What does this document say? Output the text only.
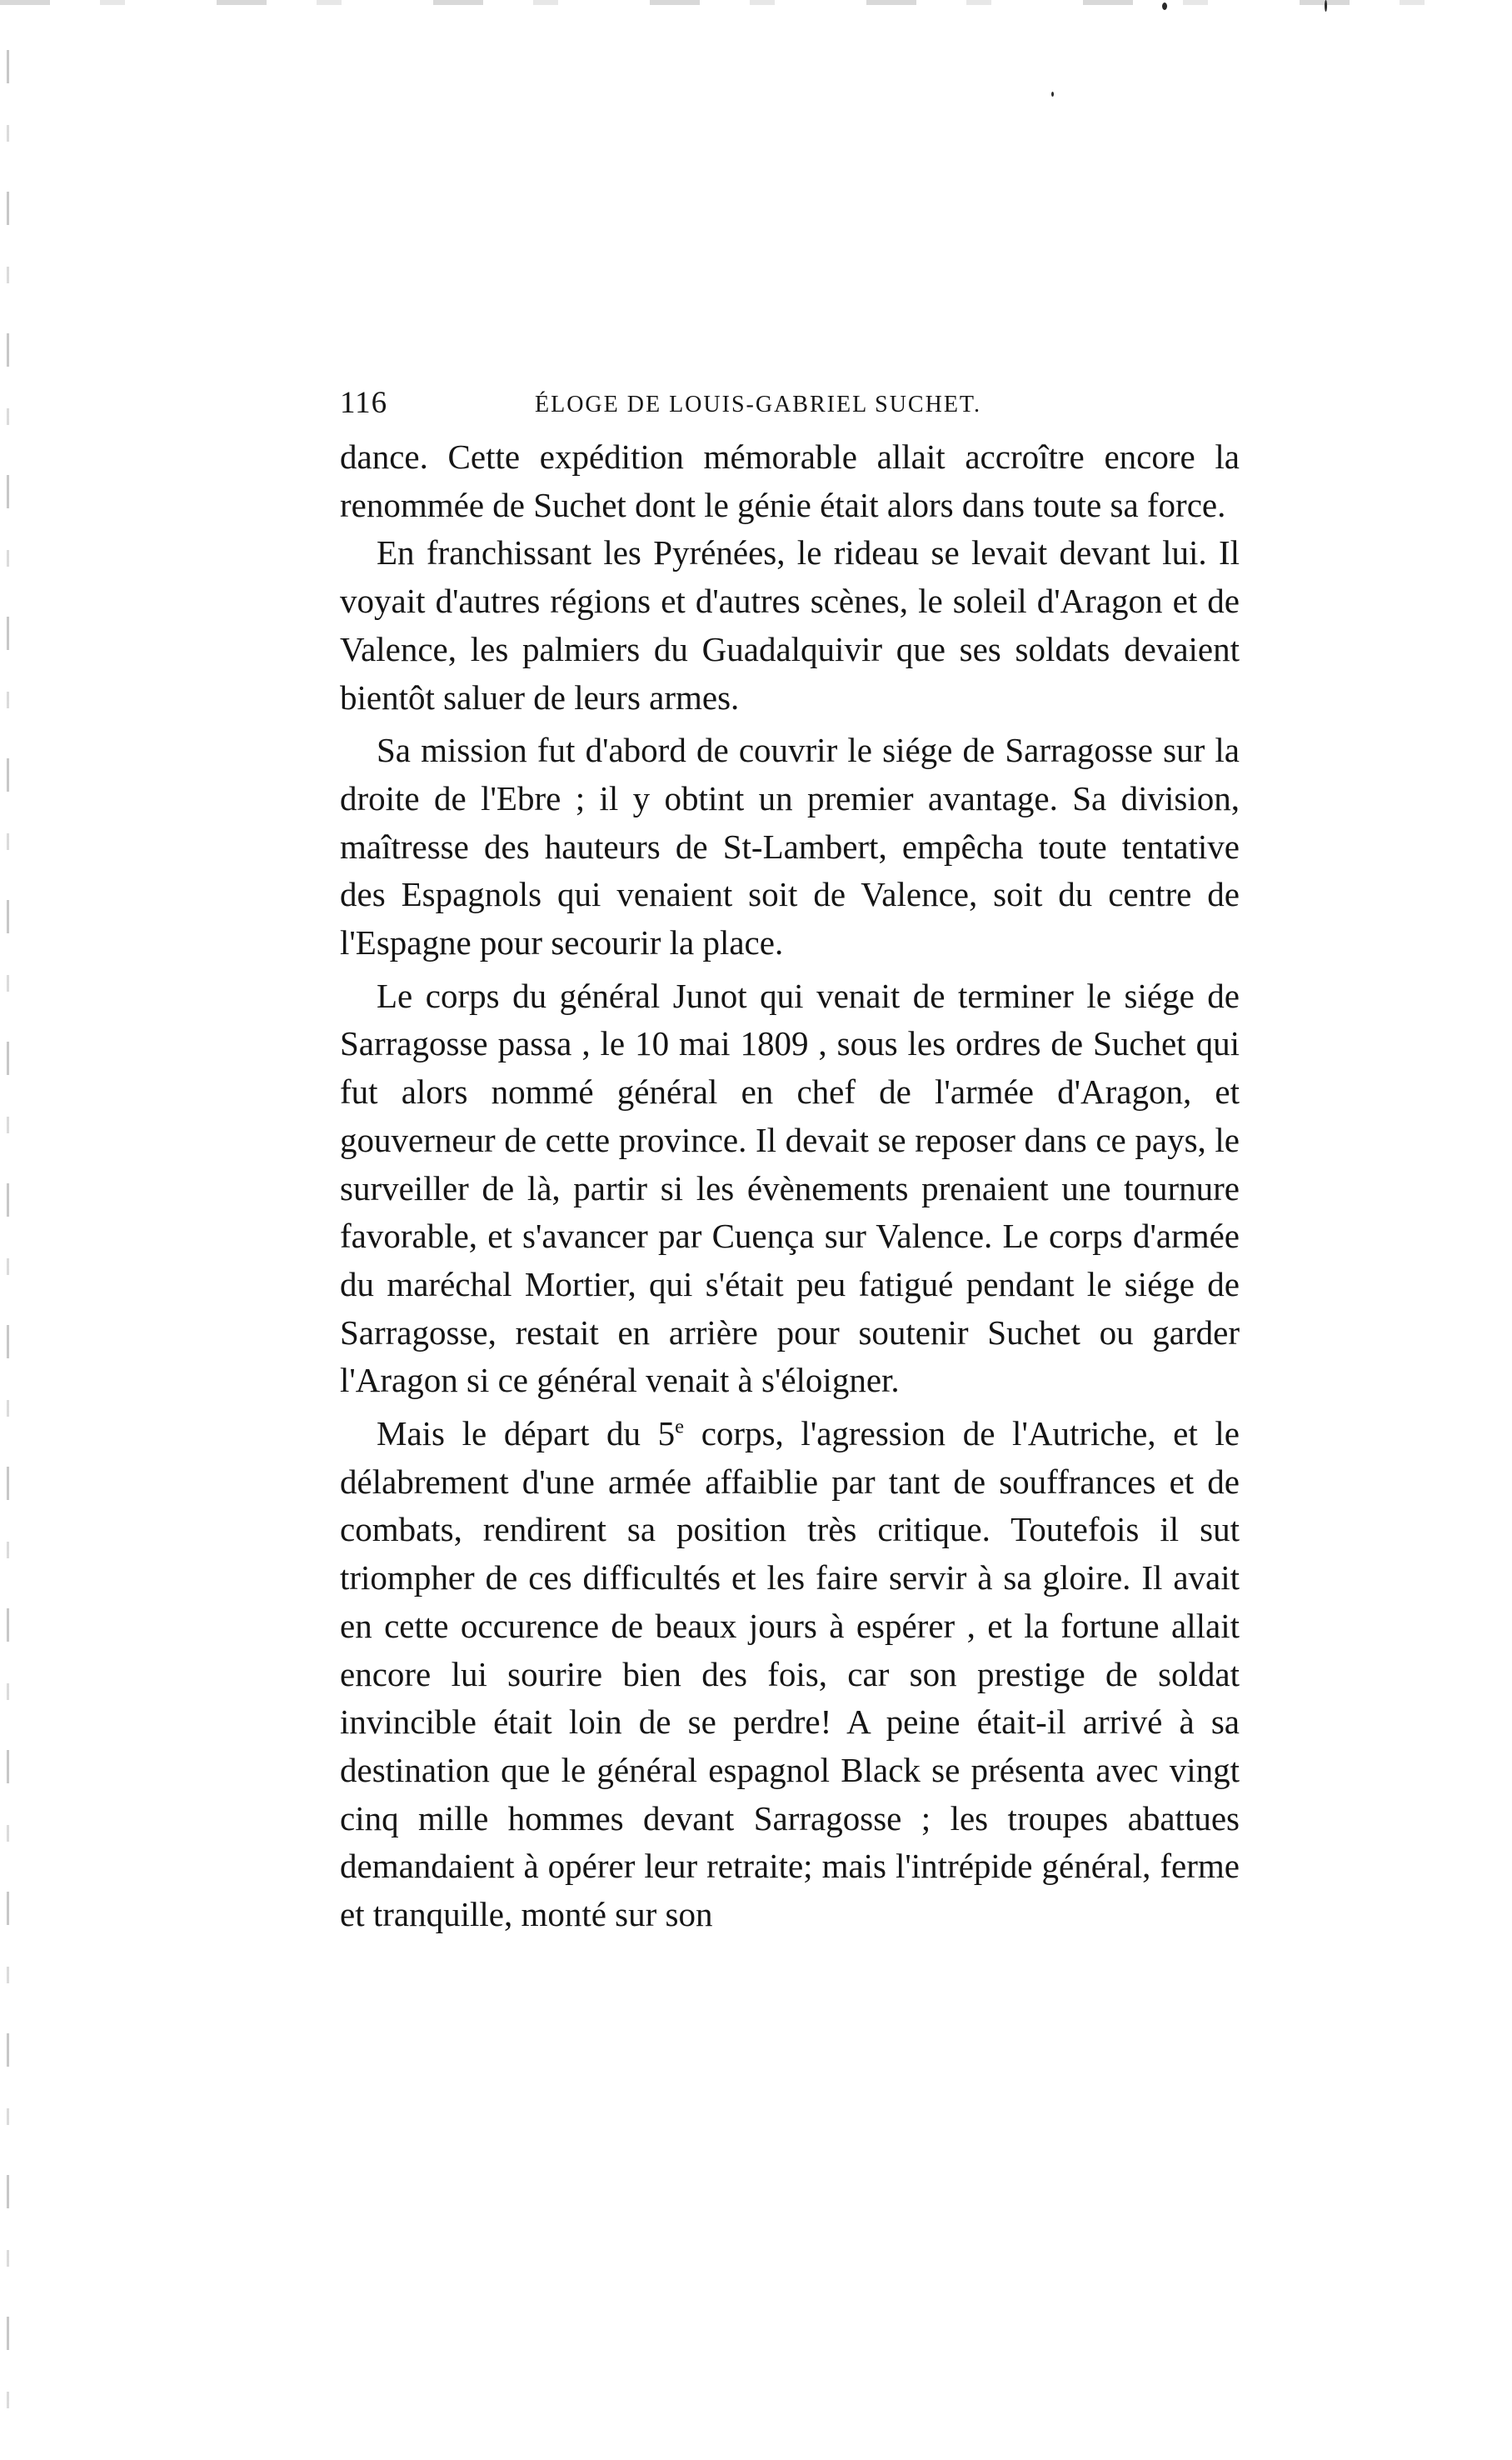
116	ÉLOGE DE LOUIS-GABRIEL SUCHET.

dance. Cette expédition mémorable allait accroître encore la renommée de Suchet dont le génie était alors dans toute sa force.

En franchissant les Pyrénées, le rideau se levait devant lui. Il voyait d'autres régions et d'autres scènes, le soleil d'Aragon et de Valence, les palmiers du Guadalquivir que ses soldats devaient bientôt saluer de leurs armes.

Sa mission fut d'abord de couvrir le siége de Sarragosse sur la droite de l'Ebre ; il y obtint un premier avantage. Sa division, maîtresse des hauteurs de St-Lambert, empêcha toute tentative des Espagnols qui venaient soit de Valence, soit du centre de l'Espagne pour secourir la place.

Le corps du général Junot qui venait de terminer le siége de Sarragosse passa , le 10 mai 1809 , sous les ordres de Suchet qui fut alors nommé général en chef de l'armée d'Aragon, et gouverneur de cette province. Il devait se reposer dans ce pays, le surveiller de là, partir si les évènements prenaient une tournure favorable, et s'avancer par Cuença sur Valence. Le corps d'armée du maréchal Mortier, qui s'était peu fatigué pendant le siége de Sarragosse, restait en arrière pour soutenir Suchet ou garder l'Aragon si ce général venait à s'éloigner.

Mais le départ du 5e corps, l'agression de l'Autriche, et le délabrement d'une armée affaiblie par tant de souffrances et de combats, rendirent sa position très critique. Toutefois il sut triompher de ces difficultés et les faire servir à sa gloire. Il avait en cette occurence de beaux jours à espérer , et la fortune allait encore lui sourire bien des fois, car son prestige de soldat invincible était loin de se perdre! A peine était-il arrivé à sa destination que le général espagnol Black se présenta avec vingt cinq mille hommes devant Sarragosse ; les troupes abattues demandaient à opérer leur retraite; mais l'intrépide général, ferme et tranquille, monté sur son
